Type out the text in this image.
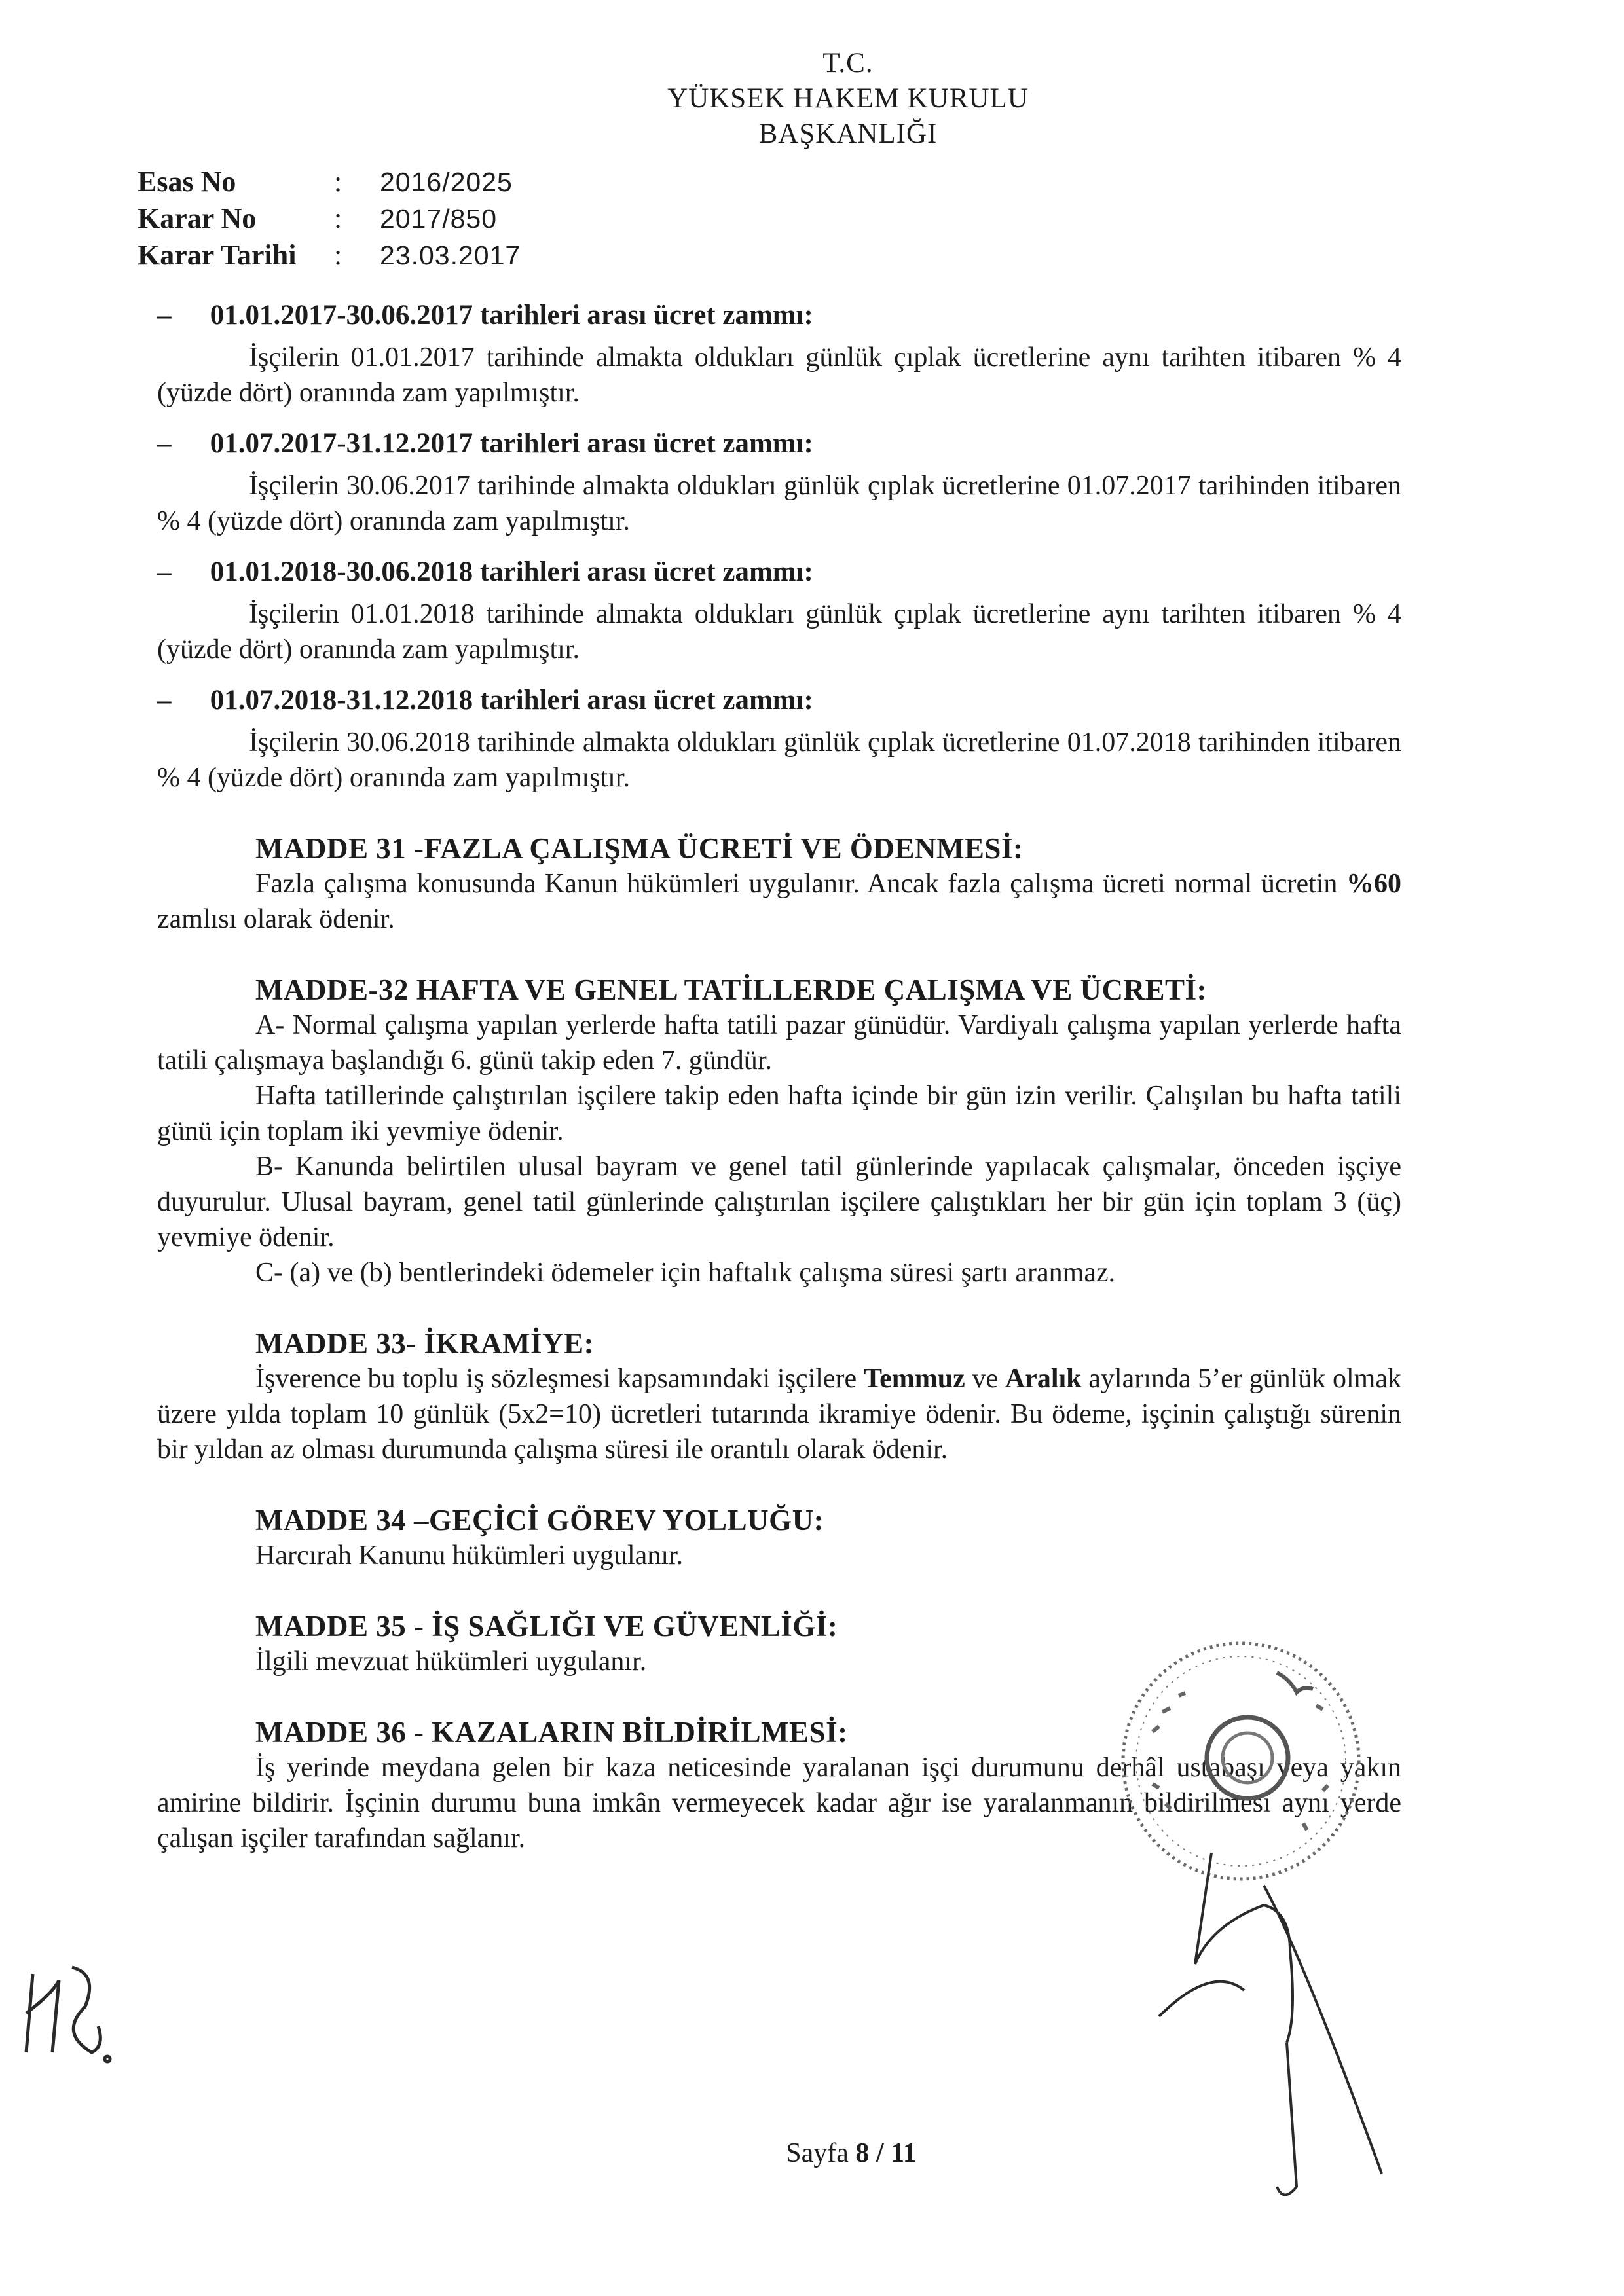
T.C.
YÜKSEK HAKEM KURULU
BAŞKANLIĞI
Esas No	:	2016/2025
Karar No	:	2017/850
Karar Tarihi	:	23.03.2017
– 01.01.2017-30.06.2017 tarihleri arası ücret zammı:
İşçilerin 01.01.2017 tarihinde almakta oldukları günlük çıplak ücretlerine aynı tarihten itibaren % 4 (yüzde dört) oranında zam yapılmıştır.
– 01.07.2017-31.12.2017 tarihleri arası ücret zammı:
İşçilerin 30.06.2017 tarihinde almakta oldukları günlük çıplak ücretlerine 01.07.2017 tarihinden itibaren % 4 (yüzde dört) oranında zam yapılmıştır.
– 01.01.2018-30.06.2018 tarihleri arası ücret zammı:
İşçilerin 01.01.2018 tarihinde almakta oldukları günlük çıplak ücretlerine aynı tarihten itibaren % 4 (yüzde dört) oranında zam yapılmıştır.
– 01.07.2018-31.12.2018 tarihleri arası ücret zammı:
İşçilerin 30.06.2018 tarihinde almakta oldukları günlük çıplak ücretlerine 01.07.2018 tarihinden itibaren % 4 (yüzde dört) oranında zam yapılmıştır.
MADDE 31 -FAZLA ÇALIŞMA ÜCRETİ VE ÖDENMESİ:
Fazla çalışma konusunda Kanun hükümleri uygulanır. Ancak fazla çalışma ücreti normal ücretin %60 zamlısı olarak ödenir.
MADDE-32 HAFTA VE GENEL TATİLLERDE ÇALIŞMA VE ÜCRETİ:
A- Normal çalışma yapılan yerlerde hafta tatili pazar günüdür. Vardiyalı çalışma yapılan yerlerde hafta tatili çalışmaya başlandığı 6. günü takip eden 7. gündür.
Hafta tatillerinde çalıştırılan işçilere takip eden hafta içinde bir gün izin verilir. Çalışılan bu hafta tatili günü için toplam iki yevmiye ödenir.
B- Kanunda belirtilen ulusal bayram ve genel tatil günlerinde yapılacak çalışmalar, önceden işçiye duyurulur. Ulusal bayram, genel tatil günlerinde çalıştırılan işçilere çalıştıkları her bir gün için toplam 3 (üç) yevmiye ödenir.
C- (a) ve (b) bentlerindeki ödemeler için haftalık çalışma süresi şartı aranmaz.
MADDE 33- İKRAMİYE:
İşverence bu toplu iş sözleşmesi kapsamındaki işçilere Temmuz ve Aralık aylarında 5’er günlük olmak üzere yılda toplam 10 günlük (5x2=10) ücretleri tutarında ikramiye ödenir. Bu ödeme, işçinin çalıştığı sürenin bir yıldan az olması durumunda çalışma süresi ile orantılı olarak ödenir.
MADDE 34 –GEÇİCİ GÖREV YOLLUĞU:
Harcırah Kanunu hükümleri uygulanır.
MADDE 35 - İŞ SAĞLIĞI VE GÜVENLİĞİ:
İlgili mevzuat hükümleri uygulanır.
MADDE 36 - KAZALARIN BİLDİRİLMESİ:
İş yerinde meydana gelen bir kaza neticesinde yaralanan işçi durumunu derhâl ustabaşı veya yakın amirine bildirir. İşçinin durumu buna imkân vermeyecek kadar ağır ise yaralanmanın bildirilmesi aynı yerde çalışan işçiler tarafından sağlanır.
Sayfa 8 / 11
